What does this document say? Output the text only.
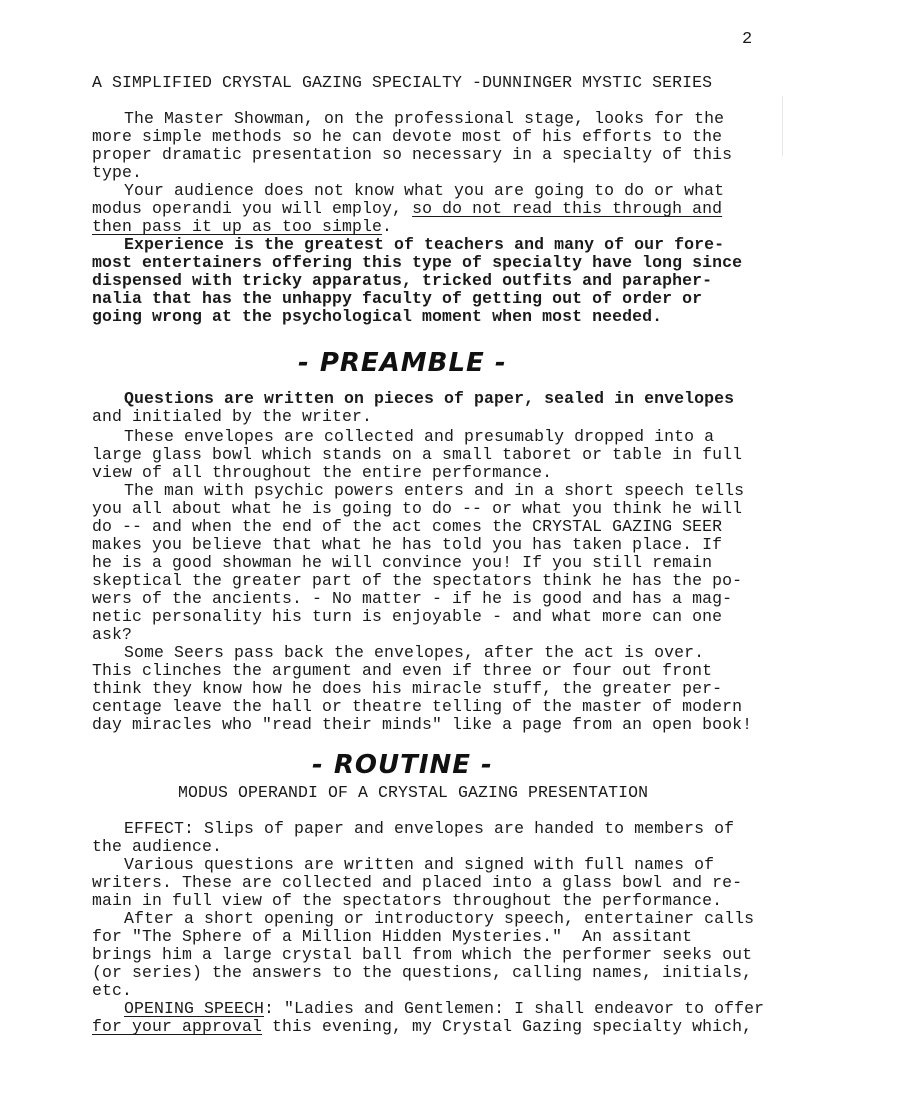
2
A SIMPLIFIED CRYSTAL GAZING SPECIALTY -DUNNINGER MYSTIC SERIES
The Master Showman, on the professional stage, looks for the
more simple methods so he can devote most of his efforts to the
proper dramatic presentation so necessary in a specialty of this
type.
Your audience does not know what you are going to do or what
modus operandi you will employ, so do not read this through and
then pass it up as too simple.
Experience is the greatest of teachers and many of our fore-
most entertainers offering this type of specialty have long since
dispensed with tricky apparatus, tricked outfits and parapher-
nalia that has the unhappy faculty of getting out of order or
going wrong at the psychological moment when most needed.
- PREAMBLE -
Questions are written on pieces of paper, sealed in envelopes
and initialed by the writer.
These envelopes are collected and presumably dropped into a
large glass bowl which stands on a small taboret or table in full
view of all throughout the entire performance.
The man with psychic powers enters and in a short speech tells
you all about what he is going to do -- or what you think he will
do -- and when the end of the act comes the CRYSTAL GAZING SEER
makes you believe that what he has told you has taken place. If
he is a good showman he will convince you! If you still remain
skeptical the greater part of the spectators think he has the po-
wers of the ancients. - No matter - if he is good and has a mag-
netic personality his turn is enjoyable - and what more can one
ask?
Some Seers pass back the envelopes, after the act is over.
This clinches the argument and even if three or four out front
think they know how he does his miracle stuff, the greater per-
centage leave the hall or theatre telling of the master of modern
day miracles who "read their minds" like a page from an open book!
- ROUTINE -
MODUS OPERANDI OF A CRYSTAL GAZING PRESENTATION
EFFECT: Slips of paper and envelopes are handed to members of
the audience.
Various questions are written and signed with full names of
writers. These are collected and placed into a glass bowl and re-
main in full view of the spectators throughout the performance.
After a short opening or introductory speech, entertainer calls
for "The Sphere of a Million Hidden Mysteries."  An assitant
brings him a large crystal ball from which the performer seeks out
(or series) the answers to the questions, calling names, initials,
etc.
OPENING SPEECH: "Ladies and Gentlemen: I shall endeavor to offer
for your approval this evening, my Crystal Gazing specialty which,
